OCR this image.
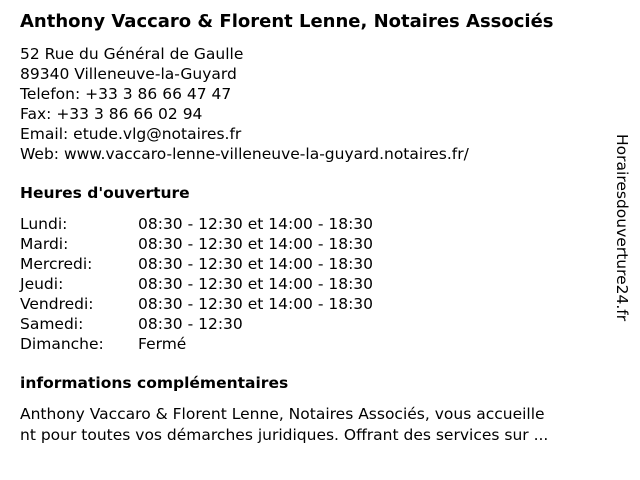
Anthony Vaccaro & Florent Lenne, Notaires Associés
52 Rue du Général de Gaulle
89340 Villeneuve-la-Guyard
Telefon: +33 3 86 66 47 47
Fax: +33 3 86 66 02 94
Email: etude.vlg@notaires.fr
Web: www.vaccaro-lenne-villeneuve-la-guyard.notaires.fr/
Heures d'ouverture
Lundi:	08:30 - 12:30 et 14:00 - 18:30
Mardi:	08:30 - 12:30 et 14:00 - 18:30
Mercredi:	08:30 - 12:30 et 14:00 - 18:30
Jeudi:	08:30 - 12:30 et 14:00 - 18:30
Vendredi:	08:30 - 12:30 et 14:00 - 18:30
Samedi:	08:30 - 12:30
Dimanche:	Fermé
informations complémentaires
Anthony Vaccaro & Florent Lenne, Notaires Associés, vous accueille
nt pour toutes vos démarches juridiques. Offrant des services sur ...
Horairesdouverture24.fr
